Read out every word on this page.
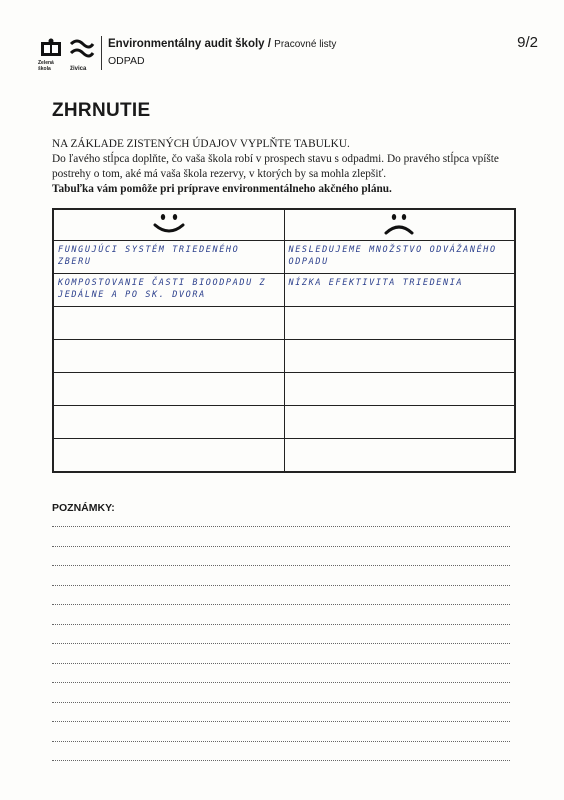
Zelená škola	živica
Environmentálny audit školy / Pracovné listy
ODPAD
9/2
ZHRNUTIE

NA ZÁKLADE ZISTENÝCH ÚDAJOV VYPLŇTE TABULKU.

Do ľavého stĺpca doplňte, čo vaša škola robí v prospech stavu s odpadmi. Do pravého stĺpca vpíšte postrehy o tom, aké má vaša škola rezervy, v ktorých by sa mohla zlepšiť.

Tabuľka vám pomôže pri príprave environmentálneho akčného plánu.

FUNGUJÚCI SYSTÉM TRIEDENÉHO ZBERU	NESLEDUJEME MNOŽSTVO ODVÁŽANÉHO ODPADU

KOMPOSTOVANIE ČASTI BIOODPADU Z JEDÁLNE A PO SK. DVORA	NÍZKA EFEKTIVITA TRIEDENIA

POZNÁMKY:
